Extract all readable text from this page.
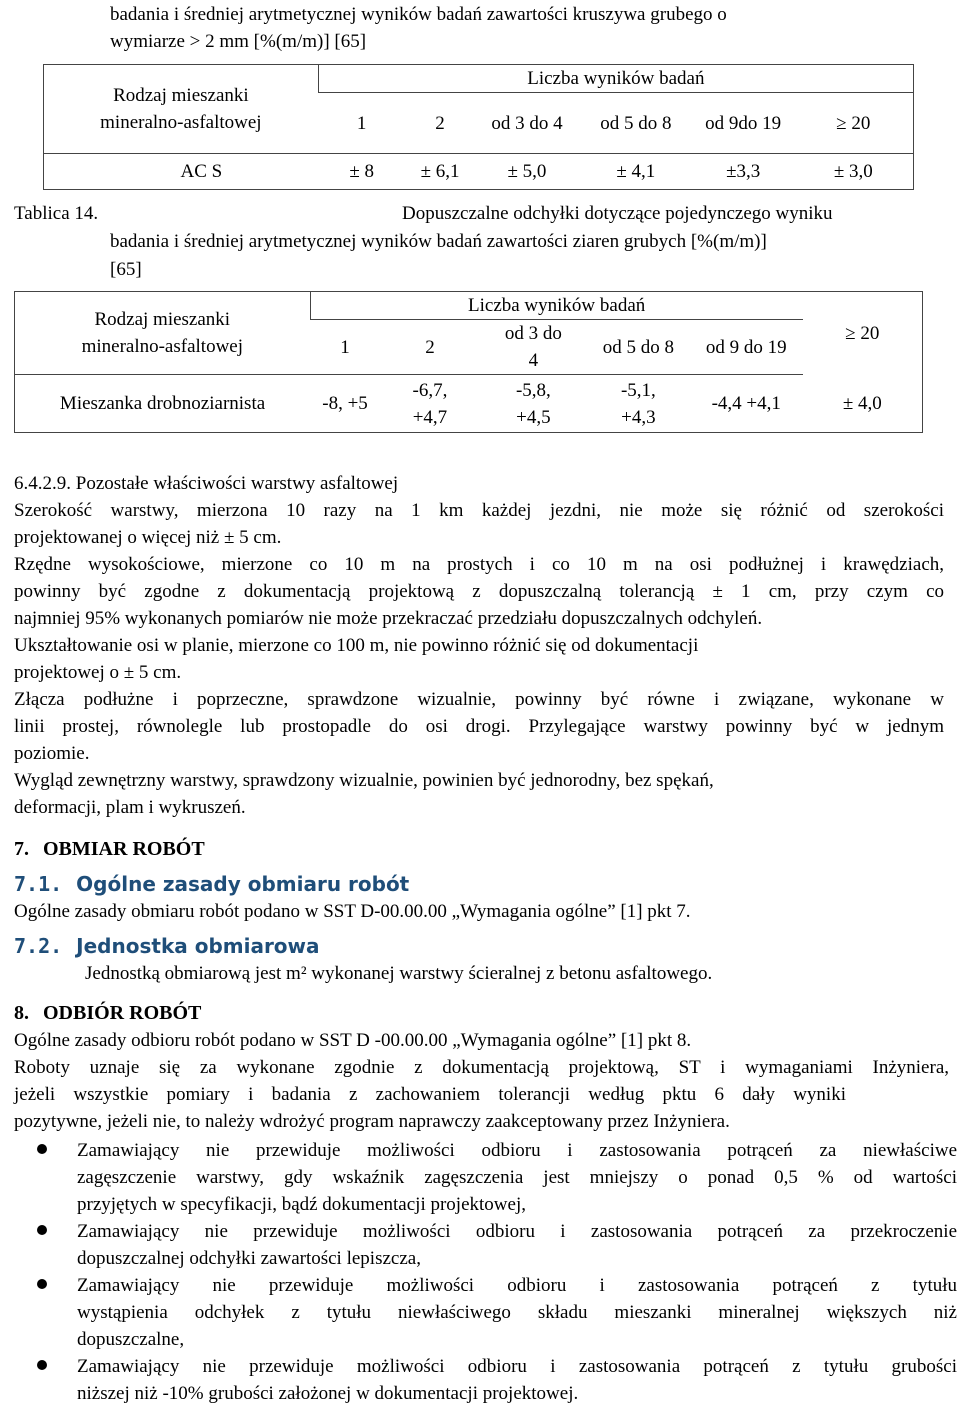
badania i średniej arytmetycznej wyników badań zawartości kruszywa grubego o
wymiarze > 2 mm [%(m/m)] [65]
Rodzaj mieszanki
mineralno-asfaltowej	Liczba wyników badań					
	1	2	od 3 do 4	od 5 do 8	od 9do 19	≥ 20
AC S	± 8	± 6,1	± 5,0	± 4,1	±3,3	± 3,0
Tablica 14.	Dopuszczalne odchyłki dotyczące pojedynczego wyniku
badania i średniej arytmetycznej wyników badań zawartości ziaren grubych [%(m/m)]
[65]
Rodzaj mieszanki
mineralno-asfaltowej	Liczba wyników badań					≥ 20
	1	2	od 3 do 4	od 5 do 8	od 9 do 19	
Mieszanka drobnoziarnista	-8, +5	-6,7, +4,7	-5,8, +4,5	-5,1, +4,3	-4,4 +4,1	± 4,0
6.4.2.9. Pozostałe właściwości warstwy asfaltowej
Szerokość warstwy, mierzona 10 razy na 1 km każdej jezdni, nie może się różnić od szerokości
projektowanej o więcej niż ± 5 cm.
Rzędne wysokościowe, mierzone co 10 m na prostych i co 10 m na osi podłużnej i krawędziach,
powinny być zgodne z dokumentacją projektową z dopuszczalną tolerancją ± 1 cm, przy czym co
najmniej 95% wykonanych pomiarów nie może przekraczać przedziału dopuszczalnych odchyleń.
Ukształtowanie osi w planie, mierzone co 100 m, nie powinno różnić się od dokumentacji
projektowej o ± 5 cm.
Złącza podłużne i poprzeczne, sprawdzone wizualnie, powinny być równe i związane, wykonane w
linii prostej, równolegle lub prostopadle do osi drogi. Przylegające warstwy powinny być w jednym
poziomie.
Wygląd zewnętrzny warstwy, sprawdzony wizualnie, powinien być jednorodny, bez spękań,
deformacji, plam i wykruszeń.
7. OBMIAR ROBÓT
7.1. Ogólne zasady obmiaru robót
Ogólne zasady obmiaru robót podano w SST D-00.00.00 „Wymagania ogólne” [1] pkt 7.
7.2. Jednostka obmiarowa
Jednostką obmiarową jest m² wykonanej warstwy ścieralnej z betonu asfaltowego.
8. ODBIÓR ROBÓT
Ogólne zasady odbioru robót podano w SST D -00.00.00 „Wymagania ogólne” [1] pkt 8.
Roboty uznaje się za wykonane zgodnie z dokumentacją projektową, ST i wymaganiami Inżyniera,
jeżeli wszystkie pomiary i badania z zachowaniem tolerancji według pktu 6 dały wyniki
pozytywne, jeżeli nie, to należy wdrożyć program naprawczy zaakceptowany przez Inżyniera.
Zamawiający nie przewiduje możliwości odbioru i zastosowania potrąceń za niewłaściwe
zagęszczenie warstwy, gdy wskaźnik zagęszczenia jest mniejszy o ponad 0,5 % od wartości
przyjętych w specyfikacji, bądź dokumentacji projektowej,
Zamawiający nie przewiduje możliwości odbioru i zastosowania potrąceń za przekroczenie
dopuszczalnej odchyłki zawartości lepiszcza,
Zamawiający nie przewiduje możliwości odbioru i zastosowania potrąceń z tytułu
wystąpienia odchyłek z tytułu niewłaściwego składu mieszanki mineralnej większych niż
dopuszczalne,
Zamawiający nie przewiduje możliwości odbioru i zastosowania potrąceń z tytułu grubości
niższej niż -10% grubości założonej w dokumentacji projektowej.
